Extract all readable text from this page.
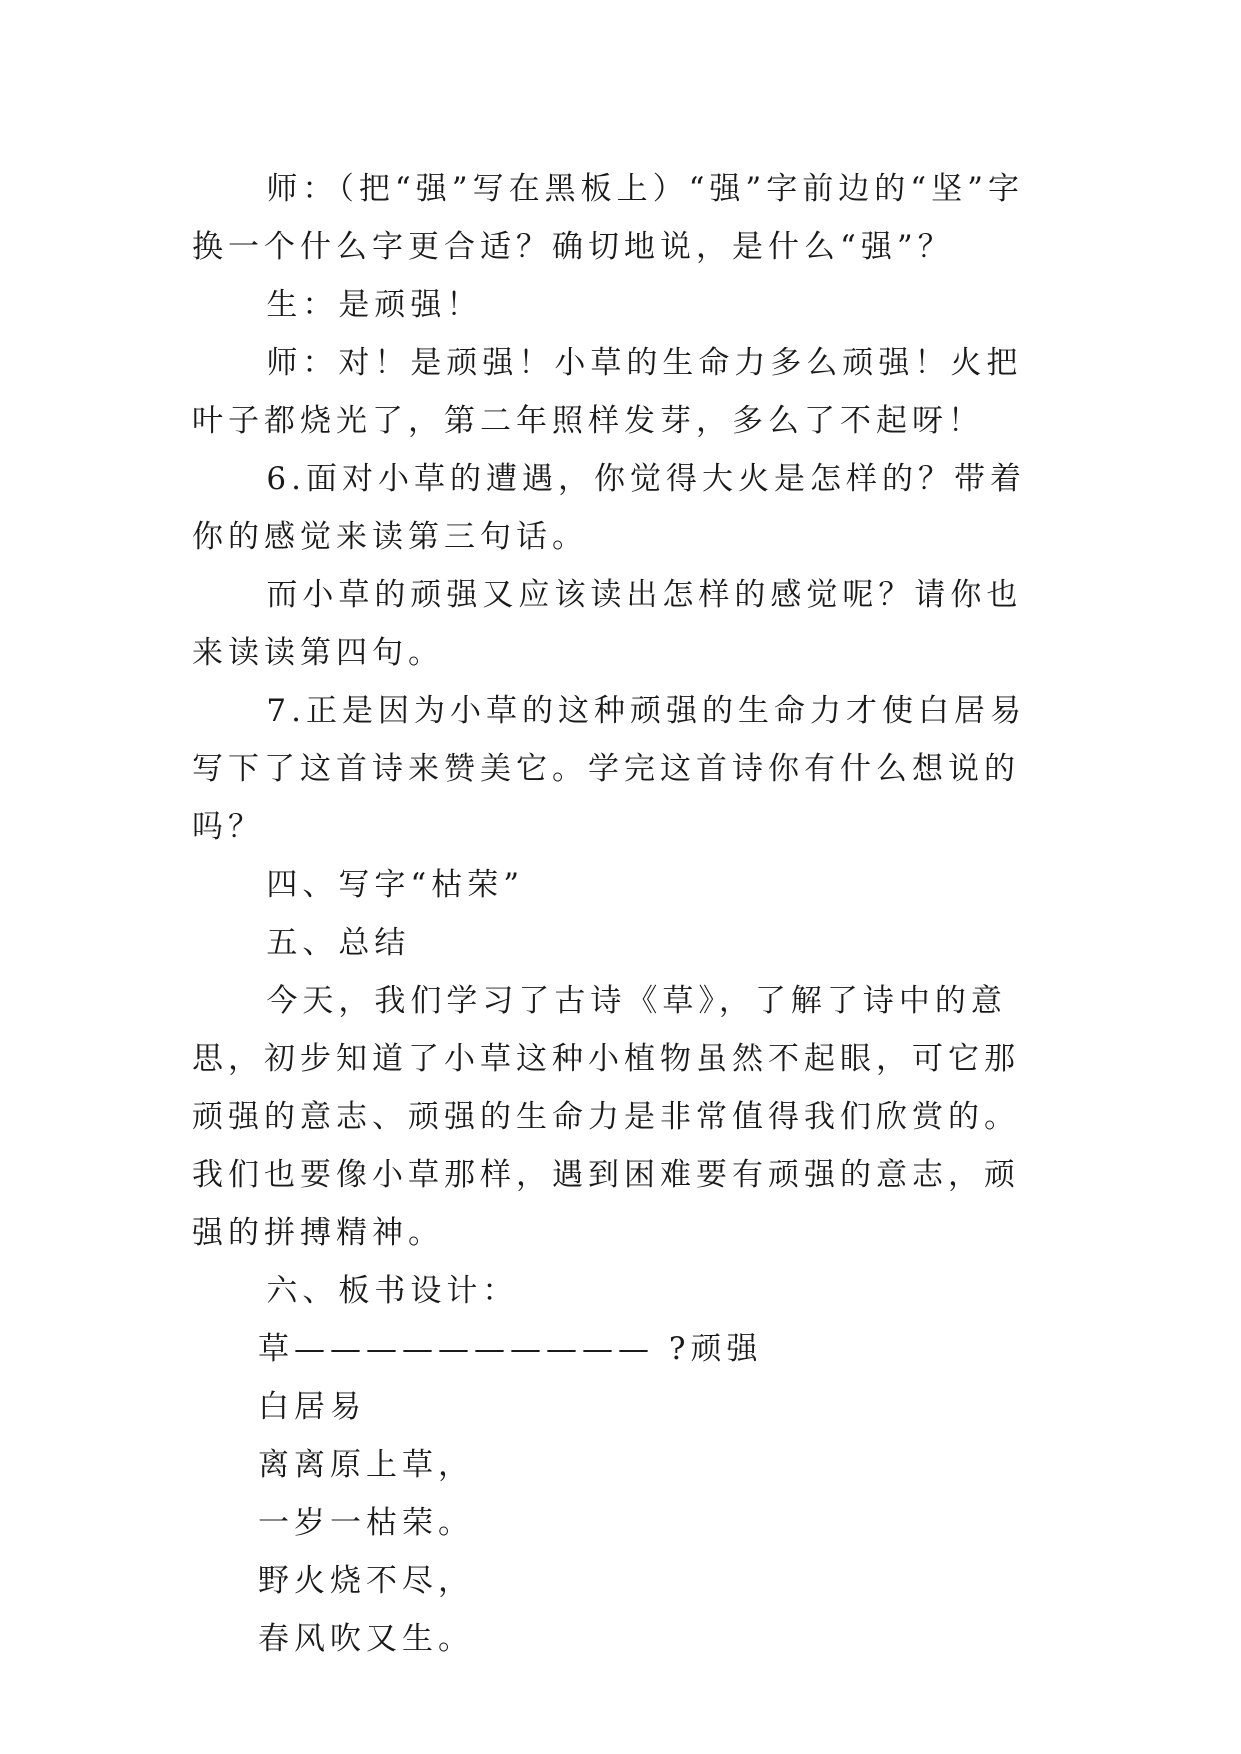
师：（把“强”写在黑板上）“强”字前边的“坚”字换一个什么字更合适？确切地说，是什么“强”？

生：是顽强！

师：对！是顽强！小草的生命力多么顽强！火把叶子都烧光了，第二年照样发芽，多么了不起呀！

6.面对小草的遭遇，你觉得大火是怎样的？带着你的感觉来读第三句话。

而小草的顽强又应该读出怎样的感觉呢？请你也来读读第四句。

7.正是因为小草的这种顽强的生命力才使白居易写下了这首诗来赞美它。学完这首诗你有什么想说的吗？

四、写字“枯荣”

五、总结

今天，我们学习了古诗《草》，了解了诗中的意思，初步知道了小草这种小植物虽然不起眼，可它那顽强的意志、顽强的生命力是非常值得我们欣赏的。我们也要像小草那样，遇到困难要有顽强的意志，顽强的拼搏精神。

六、板书设计：

草—————————— ?顽强

白居易

离离原上草，

一岁一枯荣。

野火烧不尽，

春风吹又生。
